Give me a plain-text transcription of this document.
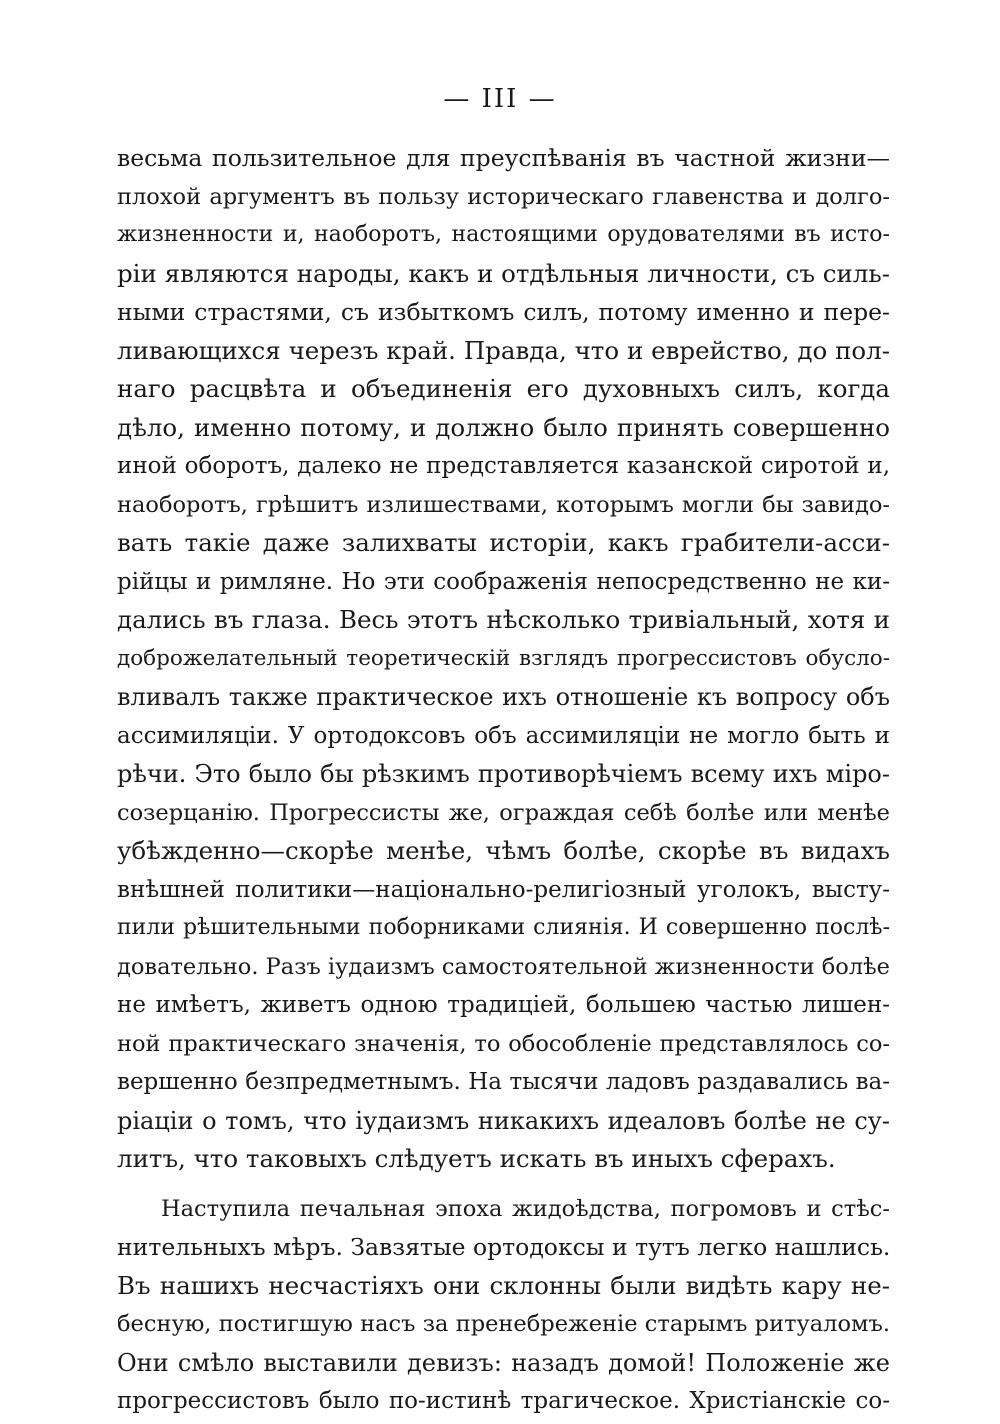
— III —
весьма пользительное для преуспѣванія въ частной жизни—
плохой аргументъ въ пользу историческаго главенства и долго-
жизненности и, наоборотъ, настоящими орудователями въ исто-
ріи являются народы, какъ и отдѣльныя личности, съ силь-
ными страстями, съ избыткомъ силъ, потому именно и пере-
ливающихся черезъ край. Правда, что и еврейство, до пол-
наго расцвѣта и объединенія его духовныхъ силъ, когда
дѣло, именно потому, и должно было принять совершенно
иной оборотъ, далеко не представляется казанской сиротой и,
наоборотъ, грѣшитъ излишествами, которымъ могли бы завидо-
вать такіе даже залихваты исторіи, какъ грабители-асси-
рійцы и римляне. Но эти соображенія непосредственно не ки-
дались въ глаза. Весь этотъ нѣсколько тривіальный, хотя и
доброжелательный теоретическій взглядъ прогрессистовъ обусло-
вливалъ также практическое ихъ отношеніе къ вопросу объ
ассимиляціи. У ортодоксовъ объ ассимиляціи не могло быть и
рѣчи. Это было бы рѣзкимъ противорѣчіемъ всему ихъ міро-
созерцанію. Прогрессисты же, ограждая себѣ болѣе или менѣе
убѣжденно—скорѣе менѣе, чѣмъ болѣе, скорѣе въ видахъ
внѣшней политики—національно-религіозный уголокъ, высту-
пили рѣшительными поборниками слиянія. И совершенно послѣ-
довательно. Разъ іудаизмъ самостоятельной жизненности болѣе
не имѣетъ, живетъ одною традиціей, большею частью лишен-
ной практическаго значенія, то обособленіе представлялось со-
вершенно безпредметнымъ. На тысячи ладовъ раздавались ва-
ріаціи о томъ, что іудаизмъ никакихъ идеаловъ болѣе не су-
литъ, что таковыхъ слѣдуетъ искать въ иныхъ сферахъ.
Наступила печальная эпоха жидоѣдства, погромовъ и стѣс-
нительныхъ мѣръ. Завзятые ортодоксы и тутъ легко нашлись.
Въ нашихъ несчастіяхъ они склонны были видѣть кару не-
бесную, постигшую насъ за пренебреженіе старымъ ритуаломъ.
Они смѣло выставили девизъ: назадъ домой! Положеніе же
прогрессистовъ было по-истинѣ трагическое. Христіанскіе со-
